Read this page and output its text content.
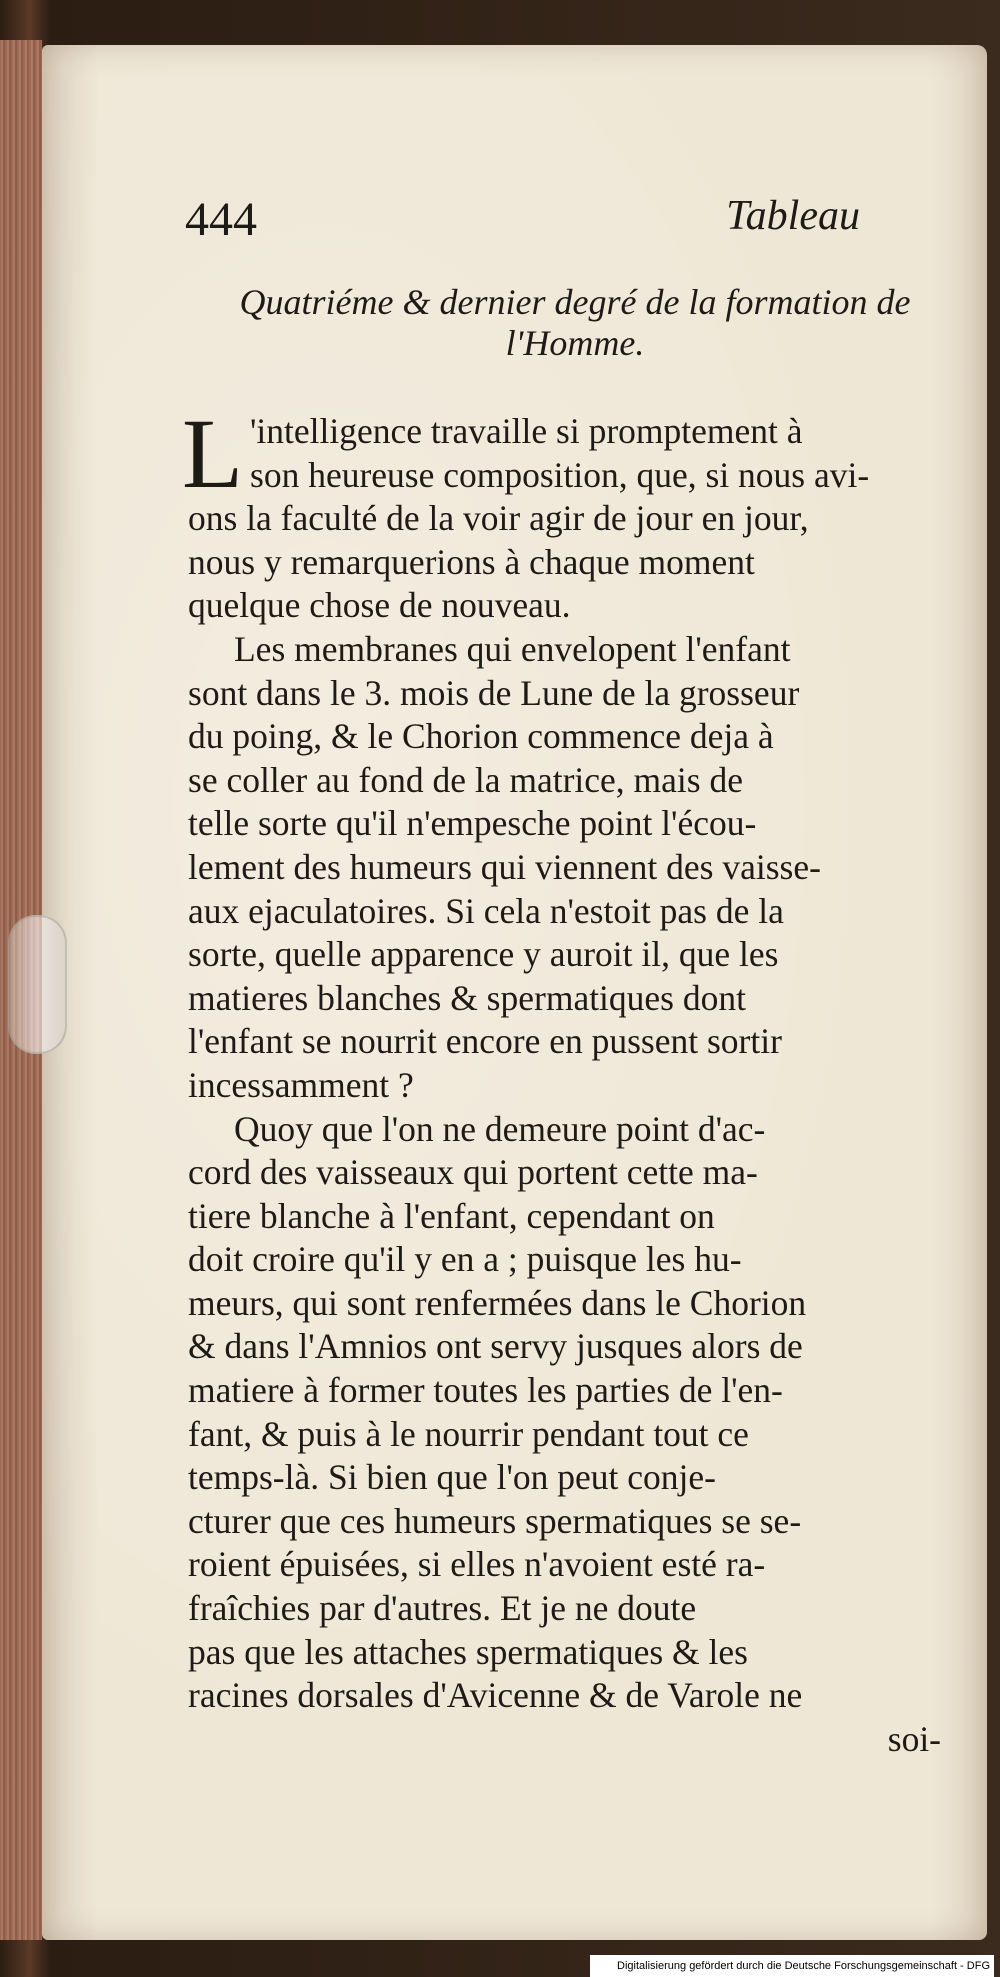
444	Tableau
Quatriéme & dernier degré de la formation de
l'Homme.
L 'intelligence travaille si promptement à
son heureuse composition, que, si nous avi-
ons la faculté de la voir agir de jour en jour,
nous y remarquerions à chaque moment
quelque chose de nouveau.
Les membranes qui envelopent l'enfant
sont dans le 3. mois de Lune de la grosseur
du poing, & le Chorion commence deja à
se coller au fond de la matrice, mais de
telle sorte qu'il n'empesche point l'écou-
lement des humeurs qui viennent des vaisse-
aux ejaculatoires. Si cela n'estoit pas de la
sorte, quelle apparence y auroit il, que les
matieres blanches & spermatiques dont
l'enfant se nourrit encore en pussent sortir
incessamment ?
Quoy que l'on ne demeure point d'ac-
cord des vaisseaux qui portent cette ma-
tiere blanche à l'enfant, cependant on
doit croire qu'il y en a ; puisque les hu-
meurs, qui sont renfermées dans le Chorion
& dans l'Amnios ont servy jusques alors de
matiere à former toutes les parties de l'en-
fant, & puis à le nourrir pendant tout ce
temps-là. Si bien que l'on peut conje-
cturer que ces humeurs spermatiques se se-
roient épuisées, si elles n'avoient esté ra-
fraîchies par d'autres. Et je ne doute
pas que les attaches spermatiques & les
racines dorsales d'Avicenne & de Varole ne
soi-
Digitalisierung gefördert durch die Deutsche Forschungsgemeinschaft - DFG
